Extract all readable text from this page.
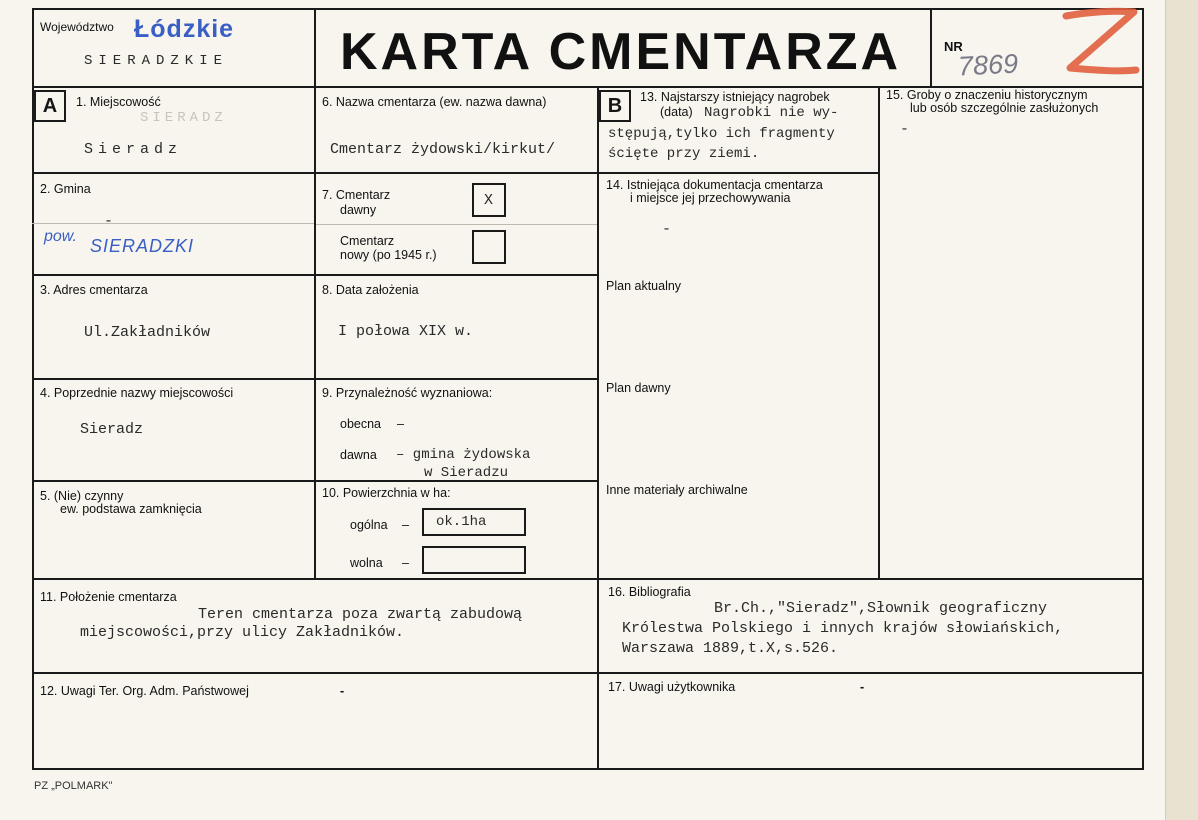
Województwo Łódzkie
SIERADZKIE KARTA CMENTARZA	NR
7869
A	B
1. Miejscowość
SIERADZ
Sieradz
2. Gmina
-
pow. SIERADZKI
3. Adres cmentarza
Ul.Zakładników
4. Poprzednie nazwy miejscowości
Sieradz
5. (Nie) czynny
ew. podstawa zamknięcia
6. Nazwa cmentarza (ew. nazwa dawna)
Cmentarz żydowski/kirkut/
7. Cmentarz
dawny
X
Cmentarz
nowy (po 1945 r.)
8. Data założenia
I połowa XIX w.
9. Przynależność wyznaniowa:
obecna –
dawna – gmina żydowska
w Sieradzu
10. Powierzchnia w ha:
ogólna – ok.1ha
wolna –
11. Położenie cmentarza
Teren cmentarza poza zwartą zabudową
miejscowości,przy ulicy Zakładników.
12. Uwagi Ter. Org. Adm. Państwowej	-
13. Najstarszy istniejący nagrobek
(data) Nagrobki nie wy-
stępują,tylko ich fragmenty
ścięte przy ziemi.
14. Istniejąca dokumentacja cmentarza
i miejsce jej przechowywania
-
Plan aktualny
Plan dawny
Inne materiały archiwalne
15. Groby o znaczeniu historycznym
lub osób szczególnie zasłużonych
-
16. Bibliografia
Br.Ch.,"Sieradz",Słownik geograficzny
Królestwa Polskiego i innych krajów słowiańskich,
Warszawa 1889,t.X,s.526.
17. Uwagi użytkownika	-
PZ „POLMARK"
